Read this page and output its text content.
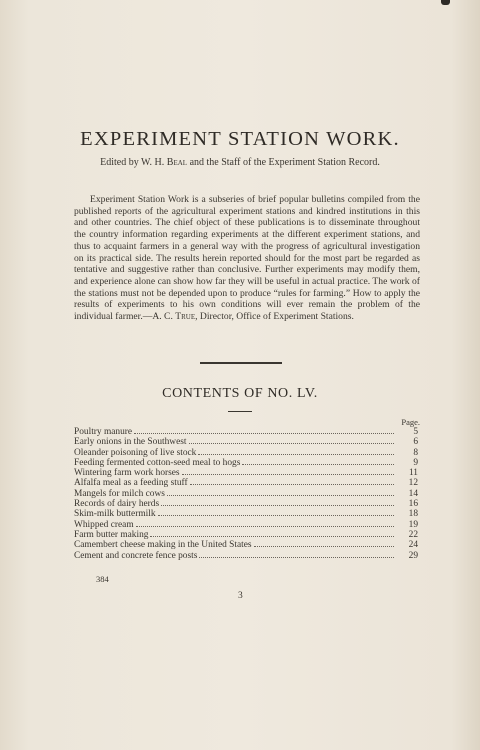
EXPERIMENT STATION WORK.
Edited by W. H. Beal and the Staff of the Experiment Station Record.

Experiment Station Work is a subseries of brief popular bulletins compiled from the published reports of the agricultural experiment stations and kindred institutions in this and other countries. The chief object of these publications is to disseminate throughout the country information regarding experiments at the different experiment stations, and thus to acquaint farmers in a general way with the progress of agricultural investigation on its practical side. The results herein reported should for the most part be regarded as tentative and suggestive rather than conclusive. Further experiments may modify them, and experience alone can show how far they will be useful in actual practice. The work of the stations must not be depended upon to produce “rules for farming.” How to apply the results of experiments to his own conditions will ever remain the problem of the individual farmer.—A. C. True, Director, Office of Experiment Stations.

CONTENTS OF NO. LV.
Page.
Poultry manure	5
Early onions in the Southwest	6
Oleander poisoning of live stock	8
Feeding fermented cotton-seed meal to hogs	9
Wintering farm work horses	11
Alfalfa meal as a feeding stuff	12
Mangels for milch cows	14
Records of dairy herds	16
Skim-milk buttermilk	18
Whipped cream	19
Farm butter making	22
Camembert cheese making in the United States	24
Cement and concrete fence posts	29
384
3
